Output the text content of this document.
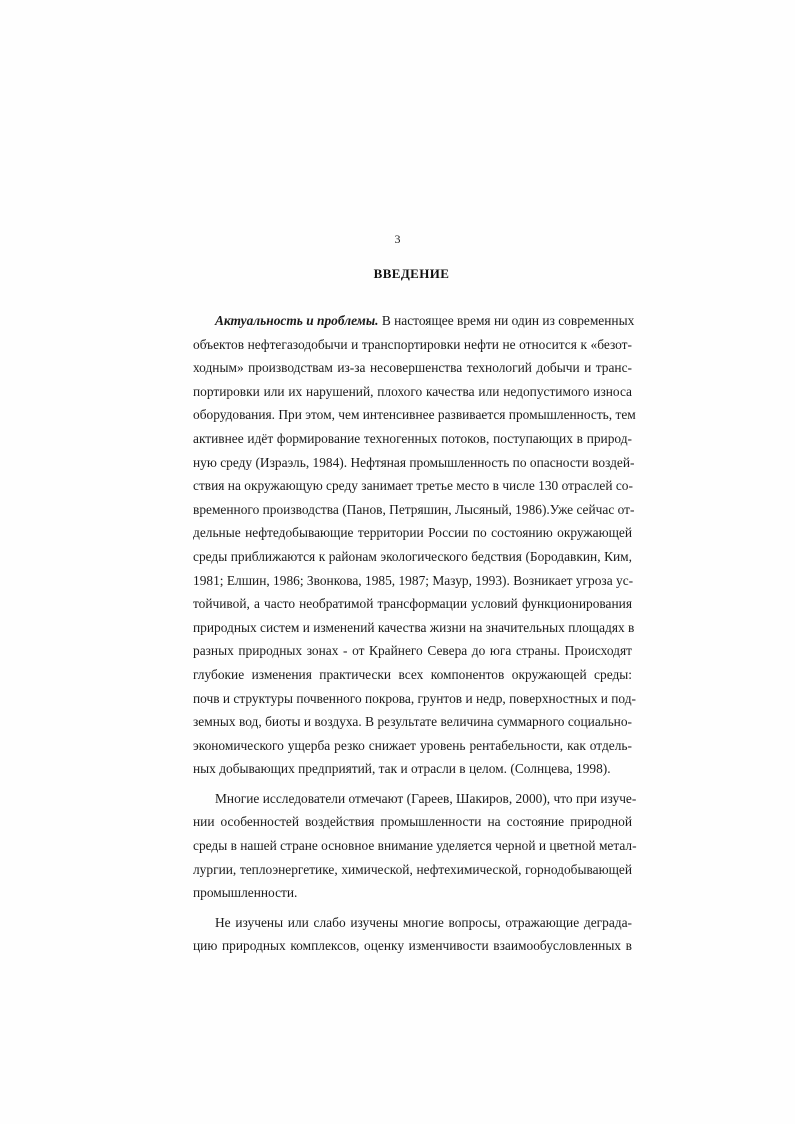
3
ВВЕДЕНИЕ
Актуальность и проблемы. В настоящее время ни один из современных
объектов нефтегазодобычи и транспортировки нефти не относится к «безот-
ходным» производствам из-за несовершенства технологий добычи и транс-
портировки или их нарушений, плохого качества или недопустимого износа
оборудования. При этом, чем интенсивнее развивается промышленность, тем
активнее идёт формирование техногенных потоков, поступающих в природ-
ную среду (Израэль, 1984). Нефтяная промышленность по опасности воздей-
ствия на окружающую среду занимает третье место в числе 130 отраслей со-
временного производства (Панов, Петряшин, Лысяный, 1986).Уже сейчас от-
дельные нефтедобывающие территории России по состоянию окружающей
среды приближаются к районам экологического бедствия (Бородавкин, Ким,
1981; Елшин, 1986; Звонкова, 1985, 1987; Мазур, 1993). Возникает угроза ус-
тойчивой, а часто необратимой трансформации условий функционирования
природных систем и изменений качества жизни на значительных площадях в
разных природных зонах - от Крайнего Севера до юга страны. Происходят
глубокие изменения практически всех компонентов окружающей среды:
почв и структуры почвенного покрова, грунтов и недр, поверхностных и под-
земных вод, биоты и воздуха. В результате величина суммарного социально-
экономического ущерба резко снижает уровень рентабельности, как отдель-
ных добывающих предприятий, так и отрасли в целом. (Солнцева, 1998).
Многие исследователи отмечают (Гареев, Шакиров, 2000), что при изуче-
нии особенностей воздействия промышленности на состояние природной
среды в нашей стране основное внимание уделяется черной и цветной метал-
лургии, теплоэнергетике, химической, нефтехимической, горнодобывающей
промышленности.
Не изучены или слабо изучены многие вопросы, отражающие деграда-
цию природных комплексов, оценку изменчивости взаимообусловленных в
